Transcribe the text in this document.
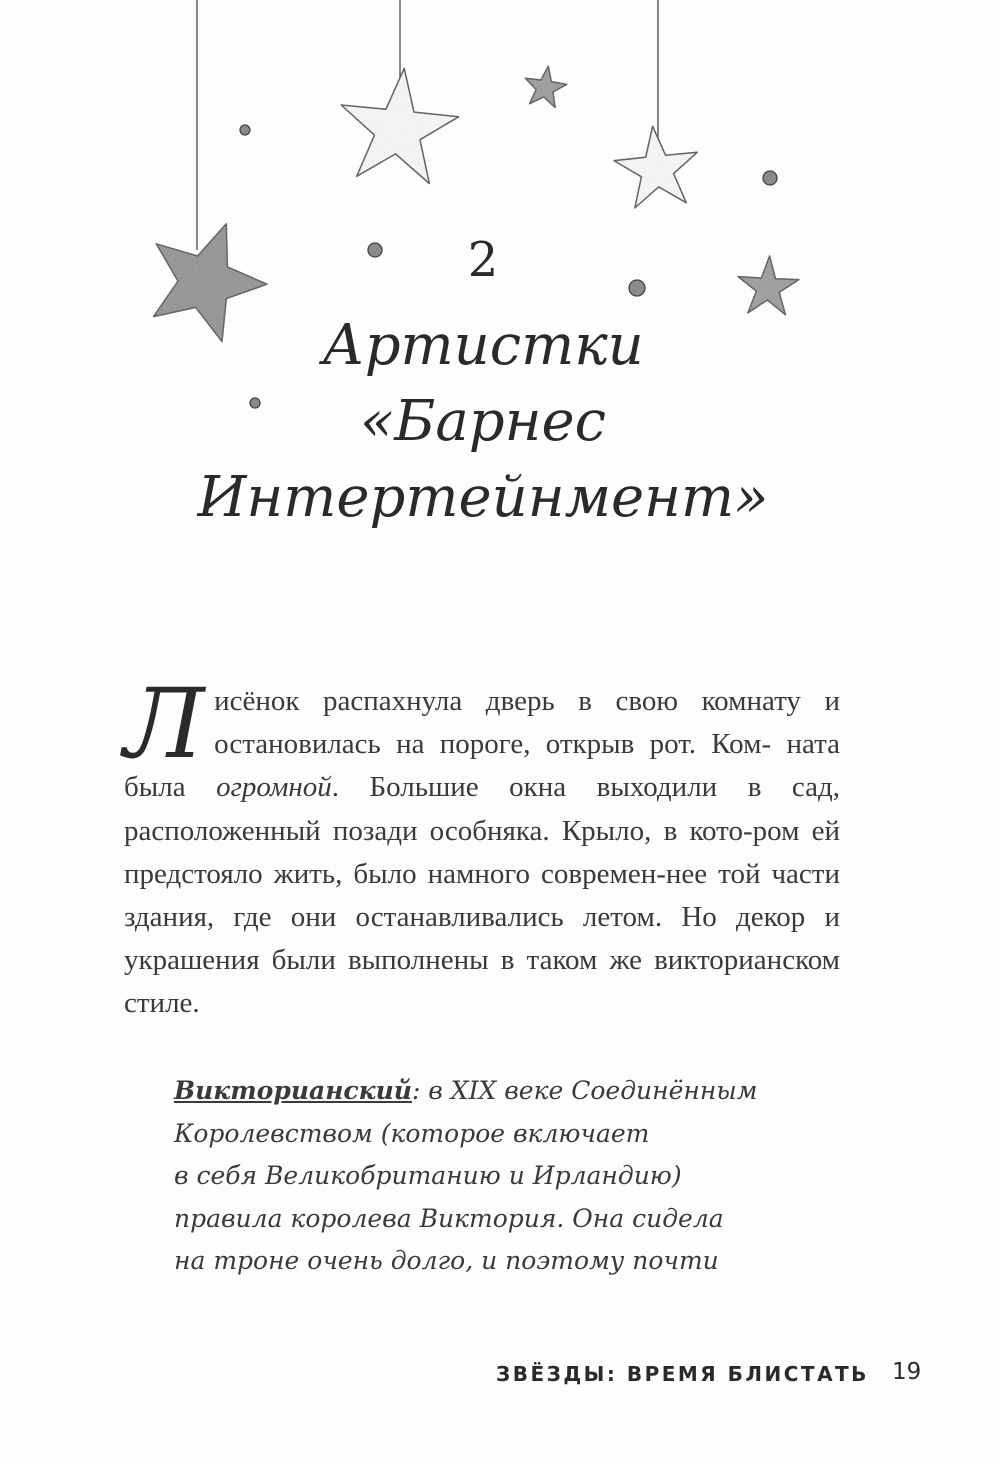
2
Артистки
«Барнес
Интертейнмент»
Лисёнок распахнула дверь в свою комнату и остановилась на пороге, открыв рот. Ком- ната была огромной. Большие окна выходили в сад, расположенный позади особняка. Крыло, в кото-ром ей предстояло жить, было намного современ-нее той части здания, где они останавливались летом. Но декор и украшения были выполнены в таком же викторианском стиле.
Викторианский: в XIX веке Соединённым
Королевством (которое включает
в себя Великобританию и Ирландию)
правила королева Виктория. Она сидела
на троне очень долго, и поэтому почти
ЗВЁЗДЫ: ВРЕМЯ БЛИСТАТЬ 19
